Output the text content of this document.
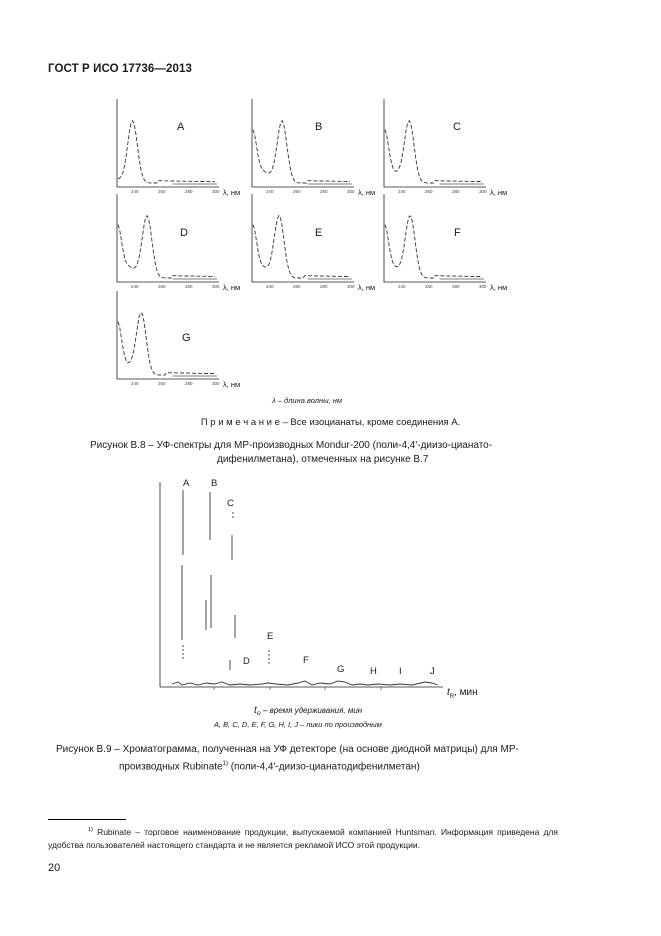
ГОСТ Р ИСО 17736—2013
240	260	280	300 λ, нм
A
240	260	280	300 λ, нм
B
240	260	280	300 λ, нм
C
240	260	280	300 λ, нм
D
240	260	280	300 λ, нм
E
240	260	280	300 λ, нм
F
240	260	280	300 λ, нм
G
λ – длина волны, нм
П р и м е ч а н и е – Все изоцианаты, кроме соединения А.
Рисунок В.8 – УФ-спектры для МР-производных Mondur-200 (поли-4,4'-диизо-цианато-
дифенилметана), отмеченных на рисунке В.7
A B
C
D
E
F
G	H I	J
$t_R$, мин
$t_R$ – время удерживания, мин
A, B, C, D, E, F, G, H, I, J – пики по производным
Рисунок В.9 – Хроматограмма, полученная на УФ детекторе (на основе диодной матрицы) для МР-
производных Rubinate$^{1)}$ (поли-4,4'-диизо-цианатодифенилметан)
$^{1)}$ Rubinate – торговое наименование продукции, выпускаемой компанией Huntsman. Информация приведена для удобства пользователей настоящего стандарта и не является рекламой ИСО этой продукции.
20
